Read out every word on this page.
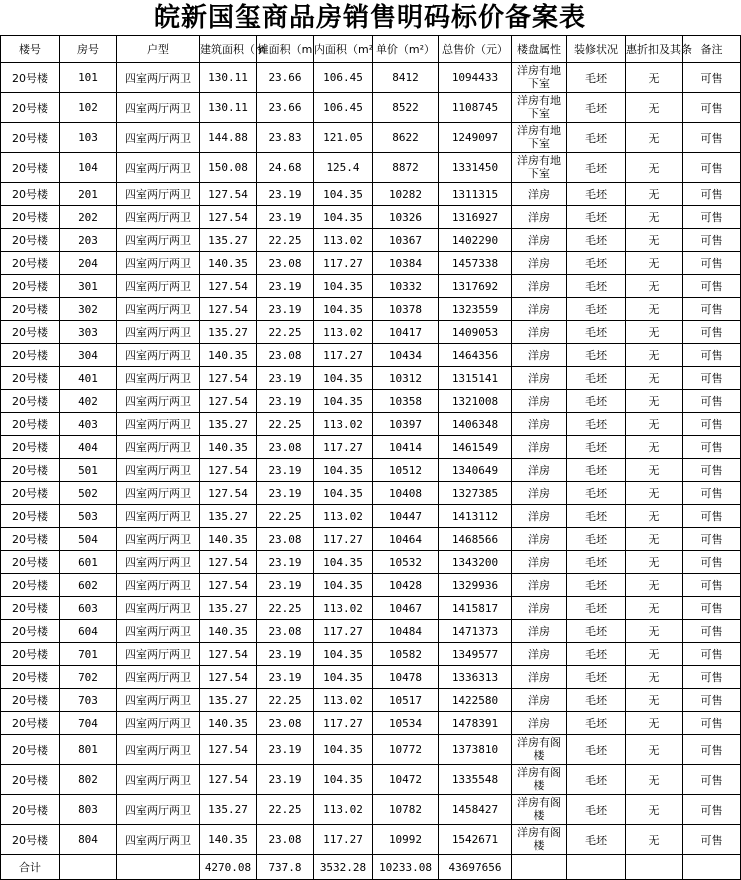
皖新国玺商品房销售明码标价备案表
楼号	房号	户型	建筑面积（m	摊面积（m	内面积（m²	单价（m²）	总售价（元）	楼盘属性	装修状况	惠折扣及其条	备注
20号楼	101	四室两厅两卫	130.11	23.66	106.45	8412	1094433	洋房有地下室	毛坯	无	可售
20号楼	102	四室两厅两卫	130.11	23.66	106.45	8522	1108745	洋房有地下室	毛坯	无	可售
20号楼	103	四室两厅两卫	144.88	23.83	121.05	8622	1249097	洋房有地下室	毛坯	无	可售
20号楼	104	四室两厅两卫	150.08	24.68	125.4	8872	1331450	洋房有地下室	毛坯	无	可售
20号楼	201	四室两厅两卫	127.54	23.19	104.35	10282	1311315	洋房	毛坯	无	可售
20号楼	202	四室两厅两卫	127.54	23.19	104.35	10326	1316927	洋房	毛坯	无	可售
20号楼	203	四室两厅两卫	135.27	22.25	113.02	10367	1402290	洋房	毛坯	无	可售
20号楼	204	四室两厅两卫	140.35	23.08	117.27	10384	1457338	洋房	毛坯	无	可售
20号楼	301	四室两厅两卫	127.54	23.19	104.35	10332	1317692	洋房	毛坯	无	可售
20号楼	302	四室两厅两卫	127.54	23.19	104.35	10378	1323559	洋房	毛坯	无	可售
20号楼	303	四室两厅两卫	135.27	22.25	113.02	10417	1409053	洋房	毛坯	无	可售
20号楼	304	四室两厅两卫	140.35	23.08	117.27	10434	1464356	洋房	毛坯	无	可售
20号楼	401	四室两厅两卫	127.54	23.19	104.35	10312	1315141	洋房	毛坯	无	可售
20号楼	402	四室两厅两卫	127.54	23.19	104.35	10358	1321008	洋房	毛坯	无	可售
20号楼	403	四室两厅两卫	135.27	22.25	113.02	10397	1406348	洋房	毛坯	无	可售
20号楼	404	四室两厅两卫	140.35	23.08	117.27	10414	1461549	洋房	毛坯	无	可售
20号楼	501	四室两厅两卫	127.54	23.19	104.35	10512	1340649	洋房	毛坯	无	可售
20号楼	502	四室两厅两卫	127.54	23.19	104.35	10408	1327385	洋房	毛坯	无	可售
20号楼	503	四室两厅两卫	135.27	22.25	113.02	10447	1413112	洋房	毛坯	无	可售
20号楼	504	四室两厅两卫	140.35	23.08	117.27	10464	1468566	洋房	毛坯	无	可售
20号楼	601	四室两厅两卫	127.54	23.19	104.35	10532	1343200	洋房	毛坯	无	可售
20号楼	602	四室两厅两卫	127.54	23.19	104.35	10428	1329936	洋房	毛坯	无	可售
20号楼	603	四室两厅两卫	135.27	22.25	113.02	10467	1415817	洋房	毛坯	无	可售
20号楼	604	四室两厅两卫	140.35	23.08	117.27	10484	1471373	洋房	毛坯	无	可售
20号楼	701	四室两厅两卫	127.54	23.19	104.35	10582	1349577	洋房	毛坯	无	可售
20号楼	702	四室两厅两卫	127.54	23.19	104.35	10478	1336313	洋房	毛坯	无	可售
20号楼	703	四室两厅两卫	135.27	22.25	113.02	10517	1422580	洋房	毛坯	无	可售
20号楼	704	四室两厅两卫	140.35	23.08	117.27	10534	1478391	洋房	毛坯	无	可售
20号楼	801	四室两厅两卫	127.54	23.19	104.35	10772	1373810	洋房有阁楼	毛坯	无	可售
20号楼	802	四室两厅两卫	127.54	23.19	104.35	10472	1335548	洋房有阁楼	毛坯	无	可售
20号楼	803	四室两厅两卫	135.27	22.25	113.02	10782	1458427	洋房有阁楼	毛坯	无	可售
20号楼	804	四室两厅两卫	140.35	23.08	117.27	10992	1542671	洋房有阁楼	毛坯	无	可售
合计			4270.08	737.8	3532.28	10233.08	43697656				
